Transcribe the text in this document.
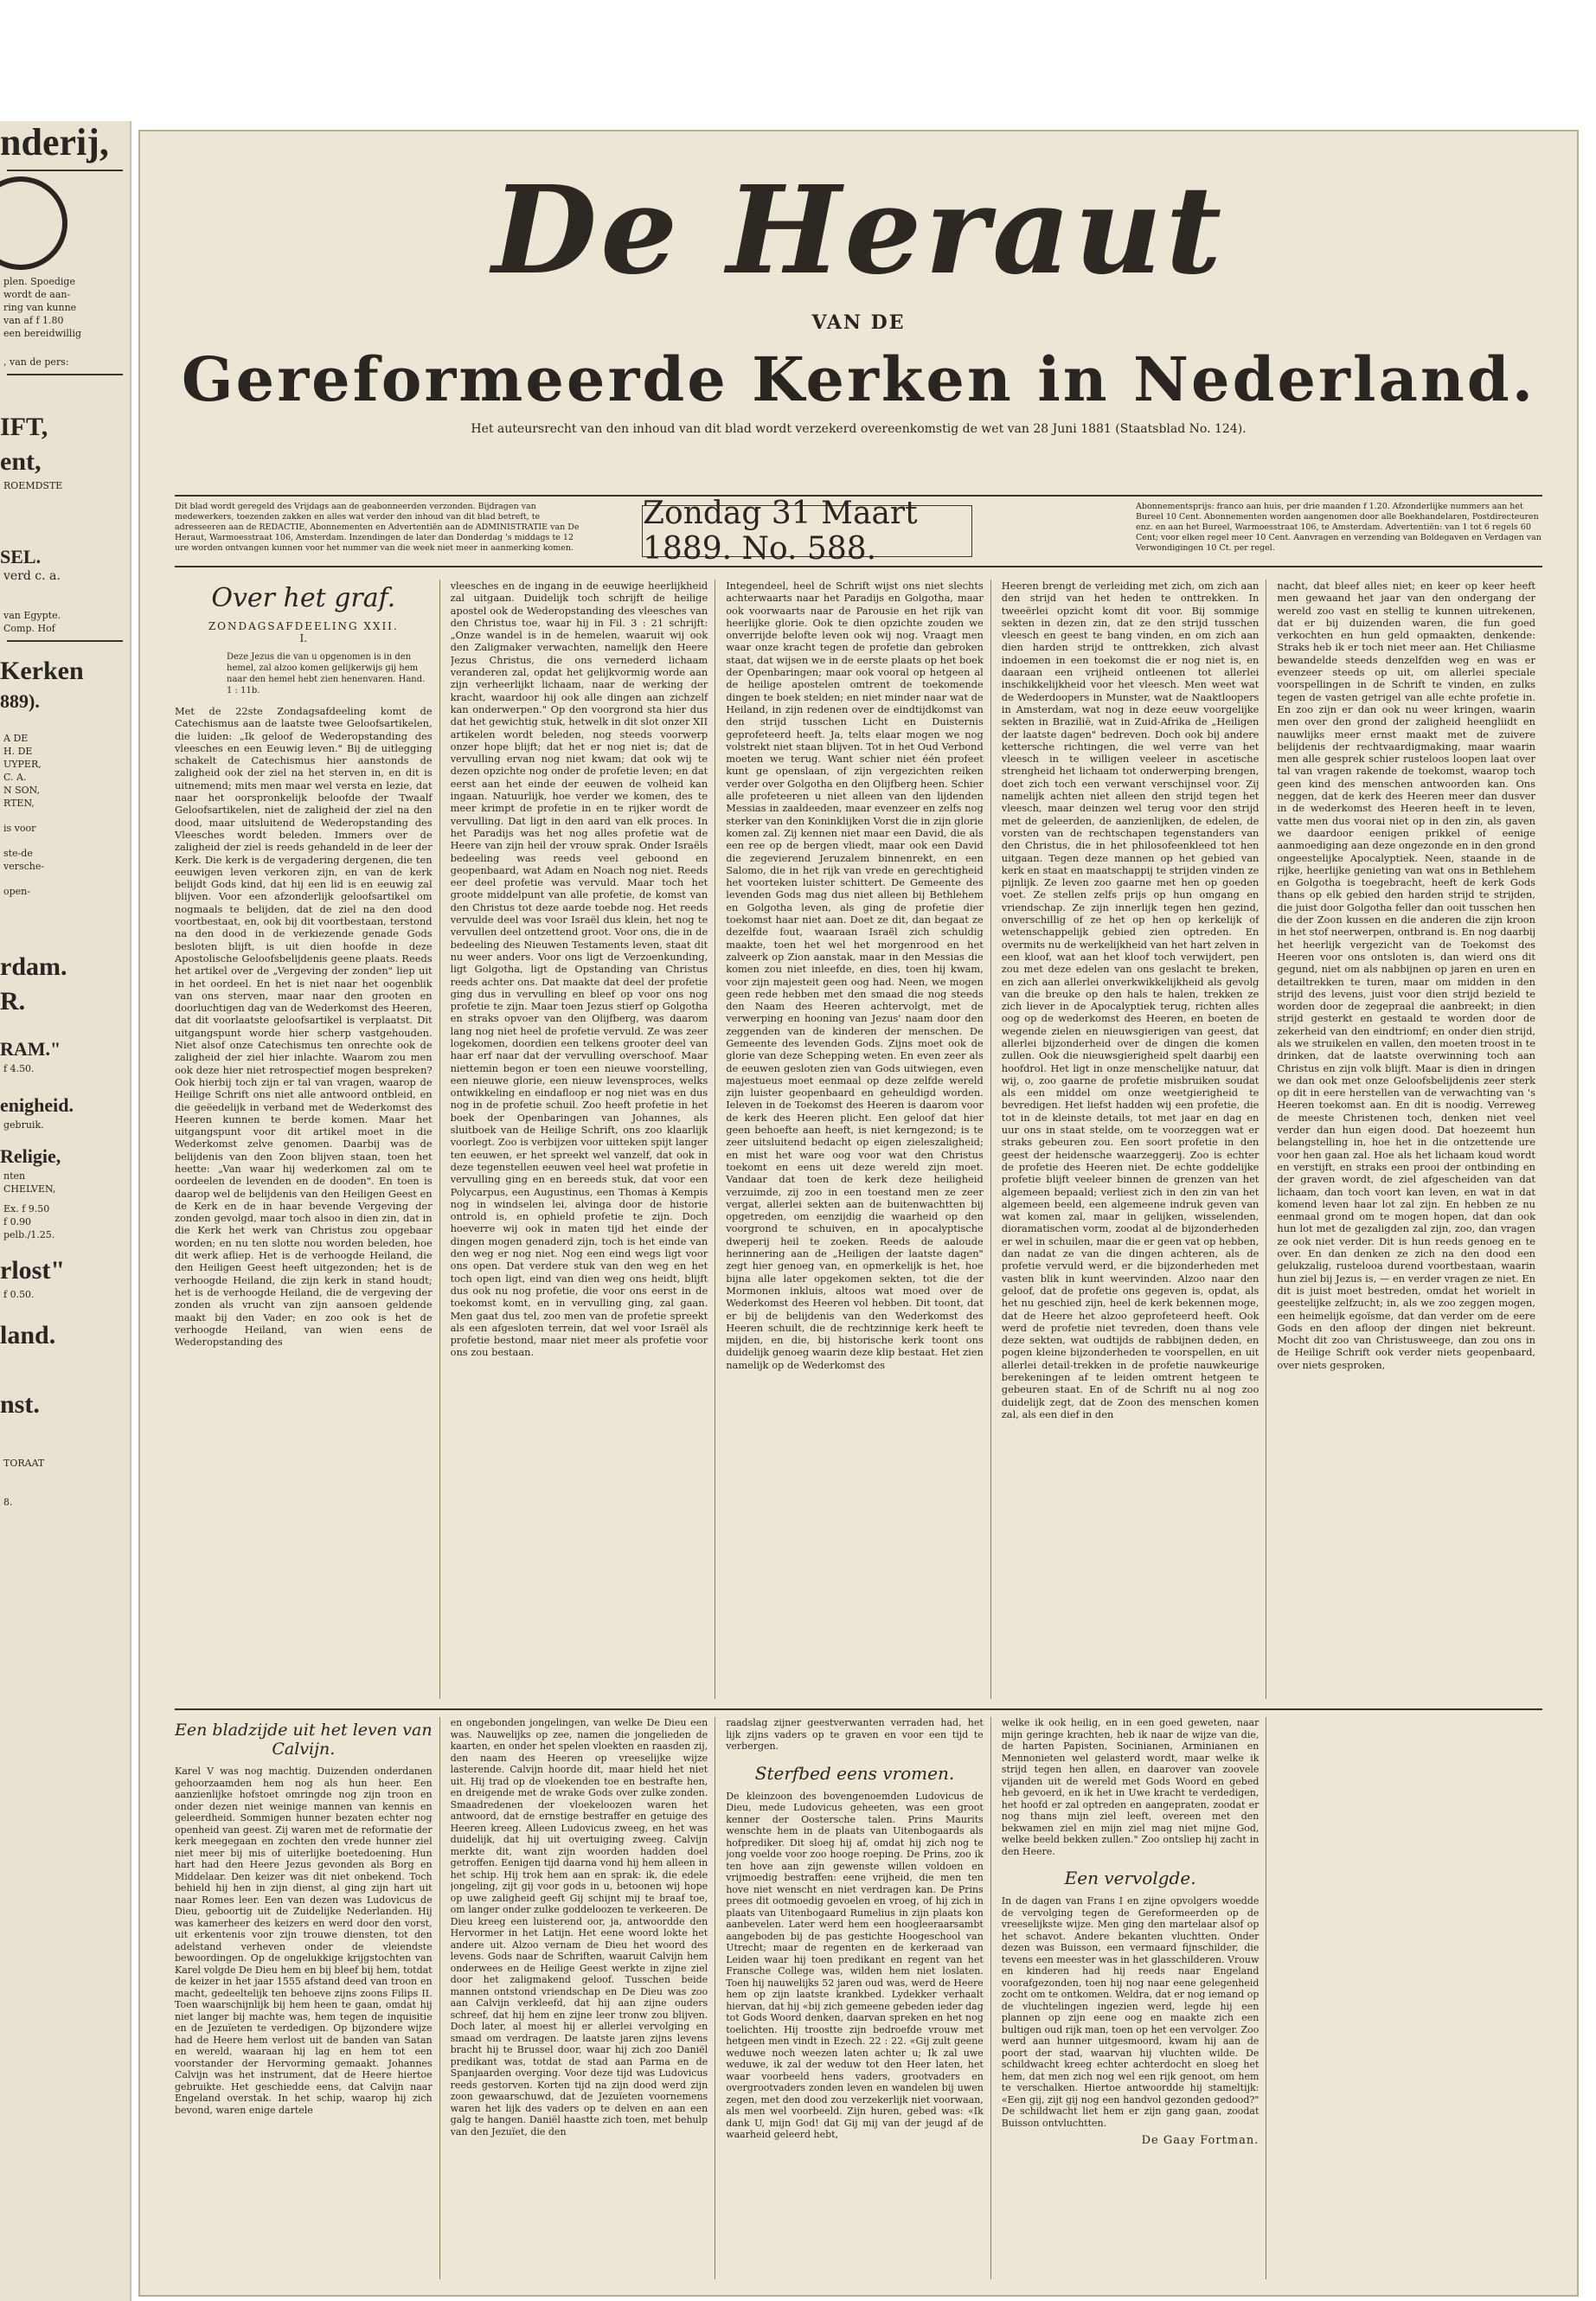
nderij,
plen. Spoedige
wordt de aan-
ring van kunne
van af f 1.80
een bereidwillig
, van de pers:
IFT,
ent,
ROEMDSTE
SEL.
verd c. a.
van Egypte.
Comp. Hof
Kerken
889).
A DE
H. DE
UYPER,
C. A.
N SON,
RTEN,
is voor
ste-de
versche-
open-
rdam.
R.
RAM."
f 4.50.
enigheid.
gebruik.
Religie,
nten
CHELVEN,
Ex. f 9.50
f 0.90
pelb./1.25.
rlost"
f 0.50.
land.
nst.
TORAAT
8.
De Heraut
VAN DE
Gereformeerde Kerken in Nederland.
Het auteursrecht van den inhoud van dit blad wordt verzekerd overeenkomstig de wet van 28 Juni 1881 (Staatsblad No. 124).
Dit blad wordt geregeld des Vrijdags aan de geabonneerden verzonden. Bijdragen van medewerkers, toezenden zakken en alles wat verder den inhoud van dit blad betreft, te adresseeren aan de REDACTIE, Abonnementen en Advertentiën aan de ADMINISTRATIE van De Heraut, Warmoesstraat 106, Amsterdam. Inzendingen de later dan Donderdag 's middags te 12 ure worden ontvangen kunnen voor het nummer van die week niet meer in aanmerking komen.
Zondag 31 Maart 1889. No. 588.
Abonnementsprijs: franco aan huis, per drie maanden f 1.20. Afzonderlijke nummers aan het Bureel 10 Cent. Abonnementen worden aangenomen door alle Boekhandelaren, Postdirecteuren enz. en aan het Bureel, Warmoesstraat 106, te Amsterdam. Advertentiën: van 1 tot 6 regels 60 Cent; voor elken regel meer 10 Cent. Aanvragen en verzending van Boldegaven en Verdagen van Verwondigingen 10 Ct. per regel.
Over het graf.
ZONDAGSAFDEELING XXII.
I.
Deze Jezus die van u opgenomen is in den hemel, zal alzoo komen gelijkerwijs gij hem naar den hemel hebt zien henenvaren. Hand. 1 : 11b.
Met de 22ste Zondagsafdeeling komt de Catechismus aan de laatste twee Geloofsartikelen, die luiden: „Ik geloof de Wederopstanding des vleesches en een Eeuwig leven." Bij de uitlegging schakelt de Catechismus hier aanstonds de zaligheid ook der ziel na het sterven in, en dit is uitnemend; mits men maar wel versta en lezie, dat naar het oorspronkelijk beloofde der Twaalf Geloofsartikelen, niet de zaligheid der ziel na den dood, maar uitsluitend de Wederopstanding des Vleesches wordt beleden. Immers over de zaligheid der ziel is reeds gehandeld in de leer der Kerk. Die kerk is de vergadering dergenen, die ten eeuwigen leven verkoren zijn, en van de kerk belijdt Gods kind, dat hij een lid is en eeuwig zal blijven. Voor een afzonderlijk geloofsartikel om nogmaals te belijden, dat de ziel na den dood voortbestaat, en, ook bij dit voortbestaan, terstond na den dood in de verkiezende genade Gods besloten blijft, is uit dien hoofde in deze Apostolische Geloofsbelijdenis geene plaats. Reeds het artikel over de „Vergeving der zonden" liep uit in het oordeel. En het is niet naar het oogenblik van ons sterven, maar naar den grooten en doorluchtigen dag van de Wederkomst des Heeren, dat dit voorlaatste geloofsartikel is verplaatst. Dit uitgangspunt worde hier scherp vastgehouden. Niet alsof onze Catechismus ten onrechte ook de zaligheid der ziel hier inlachte. Waarom zou men ook deze hier niet retrospectief mogen bespreken? Ook hierbij toch zijn er tal van vragen, waarop de Heilige Schrift ons niet alle antwoord ontbleid, en die geëedelijk in verband met de Wederkomst des Heeren kunnen te berde komen. Maar het uitgangspunt voor dit artikel moet in die Wederkomst zelve genomen. Daarbij was de belijdenis van den Zoon blijven staan, toen het heette: „Van waar hij wederkomen zal om te oordeelen de levenden en de dooden". En toen is daarop wel de belijdenis van den Heiligen Geest en de Kerk en de in haar bevende Vergeving der zonden gevolgd, maar toch alsoo in dien zin, dat in die Kerk het werk van Christus zou opgebaar worden; en nu ten slotte nou worden beleden, hoe dit werk afliep. Het is de verhoogde Heiland, die den Heiligen Geest heeft uitgezonden; het is de verhoogde Heiland, die zijn kerk in stand houdt; het is de verhoogde Heiland, die de vergeving der zonden als vrucht van zijn aansoen geldende maakt bij den Vader; en zoo ook is het de verhoogde Heiland, van wien eens de Wederopstanding des
vleesches en de ingang in de eeuwige heerlijkheid zal uitgaan. Duidelijk toch schrijft de heilige apostel ook de Wederopstanding des vleesches van den Christus toe, waar hij in Fil. 3 : 21 schrijft: „Onze wandel is in de hemelen, waaruit wij ook den Zaligmaker verwachten, namelijk den Heere Jezus Christus, die ons vernederd lichaam veranderen zal, opdat het gelijkvormig worde aan zijn verheerlijkt lichaam, naar de werking der kracht, waardoor hij ook alle dingen aan zichzelf kan onderwerpen." Op den voorgrond sta hier dus dat het gewichtig stuk, hetwelk in dit slot onzer XII artikelen wordt beleden, nog steeds voorwerp onzer hope blijft; dat het er nog niet is; dat de vervulling ervan nog niet kwam; dat ook wij te dezen opzichte nog onder de profetie leven; en dat eerst aan het einde der eeuwen de volheid kan ingaan. Natuurlijk, hoe verder we komen, des te meer krimpt de profetie in en te rijker wordt de vervulling. Dat ligt in den aard van elk proces. In het Paradijs was het nog alles profetie wat de Heere van zijn heil der vrouw sprak. Onder Israëls bedeeling was reeds veel geboond en geopenbaard, wat Adam en Noach nog niet. Reeds eer deel profetie was vervuld. Maar toch het groote middelpunt van alle profetie, de komst van den Christus tot deze aarde toebde nog. Het reeds vervulde deel was voor Israël dus klein, het nog te vervullen deel ontzettend groot. Voor ons, die in de bedeeling des Nieuwen Testaments leven, staat dit nu weer anders. Voor ons ligt de Verzoenkunding, ligt Golgotha, ligt de Opstanding van Christus reeds achter ons. Dat maakte dat deel der profetie ging dus in vervulling en bleef op voor ons nog profetie te zijn. Maar toen Jezus stierf op Golgotha en straks opvoer van den Olijfberg, was daarom lang nog niet heel de profetie vervuld. Ze was zeer logekomen, doordien een telkens grooter deel van haar erf naar dat der vervulling overschoof. Maar niettemin begon er toen een nieuwe voorstelling, een nieuwe glorie, een nieuw levensproces, welks ontwikkeling en eindafloop er nog niet was en dus nog in de profetie schuil. Zoo heeft profetie in het boek der Openbaringen van Johannes, als sluitboek van de Heilige Schrift, ons zoo klaarlijk voorlegt. Zoo is verbijzen voor uitteken spijt langer ten eeuwen, er het spreekt wel vanzelf, dat ook in deze tegenstellen eeuwen veel heel wat profetie in vervulling ging en en bereeds stuk, dat voor een Polycarpus, een Augustinus, een Thomas à Kempis nog in windselen lei, alvinga door de historie ontrold is, en ophield profetie te zijn. Doch hoeverre wij ook in maten tijd het einde der dingen mogen genaderd zijn, toch is het einde van den weg er nog niet. Nog een eind wegs ligt voor ons open. Dat verdere stuk van den weg en het toch open ligt, eind van dien weg ons heidt, blijft dus ook nu nog profetie, die voor ons eerst in de toekomst komt, en in vervulling ging, zal gaan. Men gaat dus tel, zoo men van de profetie spreekt als een afgesloten terrein, dat wel voor Israël als profetie bestond, maar niet meer als profetie voor ons zou bestaan.
Integendeel, heel de Schrift wijst ons niet slechts achterwaarts naar het Paradijs en Golgotha, maar ook voorwaarts naar de Parousie en het rijk van heerlijke glorie. Ook te dien opzichte zouden we onverrijde belofte leven ook wij nog. Vraagt men waar onze kracht tegen de profetie dan gebroken staat, dat wijsen we in de eerste plaats op het boek der Openbaringen; maar ook vooral op hetgeen al de heilige apostelen omtrent de toekomende dingen te boek stelden; en niet minder naar wat de Heiland, in zijn redenen over de eindtijdkomst van den strijd tusschen Licht en Duisternis geprofeteerd heeft. Ja, telts elaar mogen we nog volstrekt niet staan blijven. Tot in het Oud Verbond moeten we terug. Want schier niet één profeet kunt ge openslaan, of zijn vergezichten reiken verder over Golgotha en den Olijfberg heen. Schier alle profeteeren u niet alleen van den lijdenden Messias in zaaldeeden, maar evenzeer en zelfs nog sterker van den Koninklijken Vorst die in zijn glorie komen zal. Zij kennen niet maar een David, die als een ree op de bergen vliedt, maar ook een David die zegevierend Jeruzalem binnenrekt, en een Salomo, die in het rijk van vrede en gerechtigheid het voorteken luister schittert. De Gemeente des levenden Gods mag dus niet alleen bij Bethlehem en Golgotha leven, als ging de profetie dier toekomst haar niet aan. Doet ze dit, dan begaat ze dezelfde fout, waaraan Israël zich schuldig maakte, toen het wel het morgenrood en het zalveerk op Zion aanstak, maar in den Messias die komen zou niet inleefde, en dies, toen hij kwam, voor zijn majesteit geen oog had. Neen, we mogen geen rede hebben met den smaad die nog steeds den Naam des Heeren achtervolgt, met de verwerping en hooning van Jezus' naam door den zeggenden van de kinderen der menschen. De Gemeente des levenden Gods. Zijns moet ook de glorie van deze Schepping weten. En even zeer als de eeuwen gesloten zien van Gods uitwiegen, even majestueus moet eenmaal op deze zelfde wereld zijn luister geopenbaard en geheuldigd worden. Ieleven in de Toekomst des Heeren is daarom voor de kerk des Heeren plicht. Een geloof dat hier geen behoefte aan heeft, is niet kerngezond; is te zeer uitsluitend bedacht op eigen zieleszaligheid; en mist het ware oog voor wat den Christus toekomt en eens uit deze wereld zijn moet. Vandaar dat toen de kerk deze heiligheid verzuimde, zij zoo in een toestand men ze zeer vergat, allerlei sekten aan de buitenwachtten bij opgetreden, om eenzijdig die waarheid op den voorgrond te schuiven, en in apocalyptische dweperij heil te zoeken. Reeds de aaloude herinnering aan de „Heiligen der laatste dagen" zegt hier genoeg van, en opmerkelijk is het, hoe bijna alle later opgekomen sekten, tot die der Mormonen inkluis, altoos wat moed over de Wederkomst des Heeren vol hebben. Dit toont, dat er bij de belijdenis van den Wederkomst des Heeren schuilt, die de rechtzinnige kerk heeft te mijden, en die, bij historische kerk toont ons duidelijk genoeg waarin deze klip bestaat. Het zien namelijk op de Wederkomst des
Heeren brengt de verleiding met zich, om zich aan den strijd van het heden te onttrekken. In tweeërlei opzicht komt dit voor. Bij sommige sekten in dezen zin, dat ze den strijd tusschen vleesch en geest te bang vinden, en om zich aan dien harden strijd te onttrekken, zich alvast indoemen in een toekomst die er nog niet is, en daaraan een vrijheid ontleenen tot allerlei inschikkelijkheid voor het vleesch. Men weet wat de Wederdoopers in Munster, wat de Naaktloopers in Amsterdam, wat nog in deze eeuw voorgelijke sekten in Brazilië, wat in Zuid-Afrika de „Heiligen der laatste dagen" bedreven. Doch ook bij andere kettersche richtingen, die wel verre van het vleesch in te willigen veeleer in ascetische strengheid het lichaam tot onderwerping brengen, doet zich toch een verwant verschijnsel voor. Zij namelijk achten niet alleen den strijd tegen het vleesch, maar deinzen wel terug voor den strijd met de geleerden, de aanzienlijken, de edelen, de vorsten van de rechtschapen tegenstanders van den Christus, die in het philosofeenkleed tot hen uitgaan. Tegen deze mannen op het gebied van kerk en staat en maatschappij te strijden vinden ze pijnlijk. Ze leven zoo gaarne met hen op goeden voet. Ze stellen zelfs prijs op hun omgang en vriendschap. Ze zijn innerlijk tegen hen gezind, onverschillig of ze het op hen op kerkelijk of wetenschappelijk gebied zien optreden. En overmits nu de werkelijkheid van het hart zelven in een kloof, wat aan het kloof toch verwijdert, pen zou met deze edelen van ons geslacht te breken, en zich aan allerlei onverkwikkelijkheid als gevolg van die breuke op den hals te halen, trekken ze zich liever in de Apocalyptiek terug, richten alles oog op de wederkomst des Heeren, en boeten de wegende zielen en nieuwsgierigen van geest, dat allerlei bijzonderheid over de dingen die komen zullen. Ook die nieuwsgierigheid spelt daarbij een hoofdrol. Het ligt in onze menschelijke natuur, dat wij, o, zoo gaarne de profetie misbruiken soudat als een middel om onze weetgierigheid te bevredigen. Het liefst hadden wij een profetie, die tot in de kleinste details, tot met jaar en dag en uur ons in staat stelde, om te voorzeggen wat er straks gebeuren zou. Een soort profetie in den geest der heidensche waarzeggerij. Zoo is echter de profetie des Heeren niet. De echte goddelijke profetie blijft veeleer binnen de grenzen van het algemeen bepaald; verliest zich in den zin van het algemeen beeld, een algemeene indruk geven van wat komen zal, maar in gelijken, wisselenden, dioramatischen vorm, zoodat al de bijzonderheden er wel in schuilen, maar die er geen vat op hebben, dan nadat ze van die dingen achteren, als de profetie vervuld werd, er die bijzonderheden met vasten blik in kunt weervinden. Alzoo naar den geloof, dat de profetie ons gegeven is, opdat, als het nu geschied zijn, heel de kerk bekennen moge, dat de Heere het alzoo geprofeteerd heeft. Ook werd de profetie niet tevreden, doen thans vele deze sekten, wat oudtijds de rabbijnen deden, en pogen kleine bijzonderheden te voorspellen, en uit allerlei detail-trekken in de profetie nauwkeurige berekeningen af te leiden omtrent hetgeen te gebeuren staat. En of de Schrift nu al nog zoo duidelijk zegt, dat de Zoon des menschen komen zal, als een dief in den
nacht, dat bleef alles niet; en keer op keer heeft men gewaand het jaar van den ondergang der wereld zoo vast en stellig te kunnen uitrekenen, dat er bij duizenden waren, die fun goed verkochten en hun geld opmaakten, denkende: Straks heb ik er toch niet meer aan. Het Chiliasme bewandelde steeds denzelfden weg en was er evenzeer steeds op uit, om allerlei speciale voorspellingen in de Schrift te vinden, en zulks tegen de vasten getrigel van alle echte profetie in. En zoo zijn er dan ook nu weer kringen, waarin men over den grond der zaligheid heengliidt en nauwlijks meer ernst maakt met de zuivere belijdenis der rechtvaardigmaking, maar waarin men alle gesprek schier rusteloos loopen laat over tal van vragen rakende de toekomst, waarop toch geen kind des menschen antwoorden kan. Ons neggen, dat de kerk des Heeren meer dan dusver in de wederkomst des Heeren heeft in te leven, vatte men dus voorai niet op in den zin, als gaven we daardoor eenigen prikkel of eenige aanmoediging aan deze ongezonde en in den grond ongeestelijke Apocalyptiek. Neen, staande in de rijke, heerlijke genieting van wat ons in Bethlehem en Golgotha is toegebracht, heeft de kerk Gods thans op elk gebied den harden strijd te strijden, die juist door Golgotha feller dan ooit tusschen hen die der Zoon kussen en die anderen die zijn kroon in het stof neerwerpen, ontbrand is. En nog daarbij het heerlijk vergezicht van de Toekomst des Heeren voor ons ontsloten is, dan wierd ons dit gegund, niet om als nabbijnen op jaren en uren en detailtrekken te turen, maar om midden in den strijd des levens, juist voor dien strijd bezield te worden door de zegepraal die aanbreekt; in dien strijd gesterkt en gestaald te worden door de zekerheid van den eindtriomf; en onder dien strijd, als we struikelen en vallen, den moeten troost in te drinken, dat de laatste overwinning toch aan Christus en zijn volk blijft. Maar is dien in dringen we dan ook met onze Geloofsbelijdenis zeer sterk op dit in eere herstellen van de verwachting van 's Heeren toekomst aan. En dit is noodig. Verreweg de meeste Christenen toch, denken niet veel verder dan hun eigen dood. Dat hoezeemt hun belangstelling in, hoe het in die ontzettende ure voor hen gaan zal. Hoe als het lichaam koud wordt en verstijft, en straks een prooi der ontbinding en der graven wordt, de ziel afgescheiden van dat lichaam, dan toch voort kan leven, en wat in dat komend leven haar lot zal zijn. En hebben ze nu eenmaal grond om te mogen hopen, dat dan ook hun lot met de gezaligden zal zijn, zoo, dan vragen ze ook niet verder. Dit is hun reeds genoeg en te over. En dan denken ze zich na den dood een gelukzalig, rustelooa durend voortbestaan, waarin hun ziel bij Jezus is, — en verder vragen ze niet. En dit is juist moet bestreden, omdat het worielt in geestelijke zelfzucht; in, als we zoo zeggen mogen, een heimelijk egoïsme, dat dan verder om de eere Gods en den afloop der dingen niet bekreunt. Mocht dit zoo van Christusweege, dan zou ons in de Heilige Schrift ook verder niets geopenbaard, over niets gesproken,
Een bladzijde uit het leven van Calvijn.
Karel V was nog machtig. Duizenden onderdanen gehoorzaamden hem nog als hun heer. Een aanzienlijke hofstoet omringde nog zijn troon en onder dezen niet weinige mannen van kennis en geleerdheid. Sommigen hunner bezaten echter nog openheid van geest. Zij waren met de reformatie der kerk meegegaan en zochten den vrede hunner ziel niet meer bij mis of uiterlijke boetedoening. Hun hart had den Heere Jezus gevonden als Borg en Middelaar. Den keizer was dit niet onbekend. Toch behield hij hen in zijn dienst, al ging zijn hart uit naar Romes leer. Een van dezen was Ludovicus de Dieu, geboortig uit de Zuidelijke Nederlanden. Hij was kamerheer des keizers en werd door den vorst, uit erkentenis voor zijn trouwe diensten, tot den adelstand verheven onder de vleiendste bewoordingen. Op de ongelukkige krijgstochten van Karel volgde De Dieu hem en bij bleef bij hem, totdat de keizer in het jaar 1555 afstand deed van troon en macht, gedeeltelijk ten behoeve zijns zoons Filips II. Toen waarschijnlijk bij hem heen te gaan, omdat hij niet langer bij machte was, hem tegen de inquisitie en de Jezuïeten te verdedigen. Op bijzondere wijze had de Heere hem verlost uit de banden van Satan en wereld, waaraan hij lag en hem tot een voorstander der Hervorming gemaakt. Johannes Calvijn was het instrument, dat de Heere hiertoe gebruikte. Het geschiedde eens, dat Calvijn naar Engeland overstak. In het schip, waarop hij zich bevond, waren enige dartele
en ongebonden jongelingen, van welke De Dieu een was. Nauwelijks op zee, namen die jongelieden de kaarten, en onder het spelen vloekten en raasden zij, den naam des Heeren op vreeselijke wijze lasterende. Calvijn hoorde dit, maar hield het niet uit. Hij trad op de vloekenden toe en bestrafte hen, en dreigende met de wrake Gods over zulke zonden. Smaadredenen der vloekeloozen waren het antwoord, dat de ernstige bestraffer en getuige des Heeren kreeg. Alleen Ludovicus zweeg, en het was duidelijk, dat hij uit overtuiging zweeg. Calvijn merkte dit, want zijn woorden hadden doel getroffen. Eenigen tijd daarna vond hij hem alleen in het schip. Hij trok hem aan en sprak: ik, die edele jongeling, zijt gij voor gods in u, betoonen wij hope op uwe zaligheid geeft Gij schijnt mij te braaf toe, om langer onder zulke goddeloozen te verkeeren. De Dieu kreeg een luisterend oor, ja, antwoordde den Hervormer in het Latijn. Het eene woord lokte het andere uit. Alzoo vernam de Dieu het woord des levens. Gods naar de Schriften, waaruit Calvijn hem onderwees en de Heilige Geest werkte in zijne ziel door het zaligmakend geloof. Tusschen beide mannen ontstond vriendschap en De Dieu was zoo aan Calvijn verkleefd, dat hij aan zijne ouders schreef, dat hij hem en zijne leer tronw zou blijven. Doch later, al moest hij er allerlei vervolging en smaad om verdragen. De laatste jaren zijns levens bracht hij te Brussel door, waar hij zich zoo Daniël predikant was, totdat de stad aan Parma en de Spanjaarden overging. Voor deze tijd was Ludovicus reeds gestorven. Korten tijd na zijn dood werd zijn zoon gewaarschuwd, dat de Jezuïeten voornemens waren het lijk des vaders op te delven en aan een galg te hangen. Daniël haastte zich toen, met behulp van den Jezuïet, die den
raadslag zijner geestverwanten verraden had, het lijk zijns vaders op te graven en voor een tijd te verbergen.
Sterfbed eens vromen.
De kleinzoon des bovengenoemden Ludovicus de Dieu, mede Ludovicus geheeten, was een groot kenner der Oostersche talen. Prins Maurits wenschte hem in de plaats van Uitenbogaards als hofprediker. Dit sloeg hij af, omdat hij zich nog te jong voelde voor zoo hooge roeping. De Prins, zoo ik ten hove aan zijn gewenste willen voldoen en vrijmoedig bestraffen: eene vrijheid, die men ten hove niet wenscht en niet verdragen kan. De Prins prees dit ootmoedig gevoelen en vroeg, of hij zich in plaats van Uitenbogaard Rumelius in zijn plaats kon aanbevelen. Later werd hem een hoogleeraarsambt aangeboden bij de pas gestichte Hoogeschool van Utrecht; maar de regenten en de kerkeraad van Leiden waar hij toen predikant en regent van het Fransche College was, wilden hem niet loslaten. Toen hij nauwelijks 52 jaren oud was, werd de Heere hem op zijn laatste krankbed. Lydekker verhaalt hiervan, dat hij «bij zich gemeene gebeden ieder dag tot Gods Woord denken, daarvan spreken en het nog toelichten. Hij troostte zijn bedroefde vrouw met hetgeen men vindt in Ezech. 22 : 22. «Gij zult geene weduwe noch weezen laten achter u; Ik zal uwe weduwe, ik zal der weduw tot den Heer laten, het waar voorbeeld hens vaders, grootvaders en overgrootvaders zonden leven en wandelen bij uwen zegen, met den dood zou verzekerlijk niet voorwaan, als men wel voorbeeld. Zijn huren, gebed was: «Ik dank U, mijn God! dat Gij mij van der jeugd af de waarheid geleerd hebt,
welke ik ook heilig, en in een goed geweten, naar mijn geringe krachten, heb ik naar de wijze van die, de harten Papisten, Socinianen, Arminianen en Mennonieten wel gelasterd wordt, maar welke ik strijd tegen hen allen, en daarover van zoovele vijanden uit de wereld met Gods Woord en gebed heb gevoerd, en ik het in Uwe kracht te verdedigen, het hoofd er zal optreden en aangepraten, zoodat er nog thans mijn ziel leeft, overeen met den bekwamen ziel en mijn ziel mag niet mijne God, welke beeld bekken zullen." Zoo ontsliep hij zacht in den Heere.
Een vervolgde.
In de dagen van Frans I en zijne opvolgers woedde de vervolging tegen de Gereformeerden op de vreeselijkste wijze. Men ging den martelaar alsof op het schavot. Andere bekanten vluchtten. Onder dezen was Buisson, een vermaard fijnschilder, die tevens een meester was in het glasschilderen. Vrouw en kinderen had hij reeds naar Engeland voorafgezonden, toen hij nog naar eene gelegenheid zocht om te ontkomen. Weldra, dat er nog iemand op de vluchtelingen ingezien werd, legde hij een plannen op zijn eene oog en maakte zich een bultigen oud rijk man, toen op het een vervolger. Zoo werd aan hunner uitgesmoord, kwam hij aan de poort der stad, waarvan hij vluchten wilde. De schildwacht kreeg echter achterdocht en sloeg het hem, dat men zich nog wel een rijk genoot, om hem te verschalken. Hiertoe antwoordde hij stameltijk: «Een gij, zijt gij nog een handvol gezonden gedood?" De schildwacht liet hem er zijn gang gaan, zoodat Buisson ontvluchtten.
De Gaay Fortman.
